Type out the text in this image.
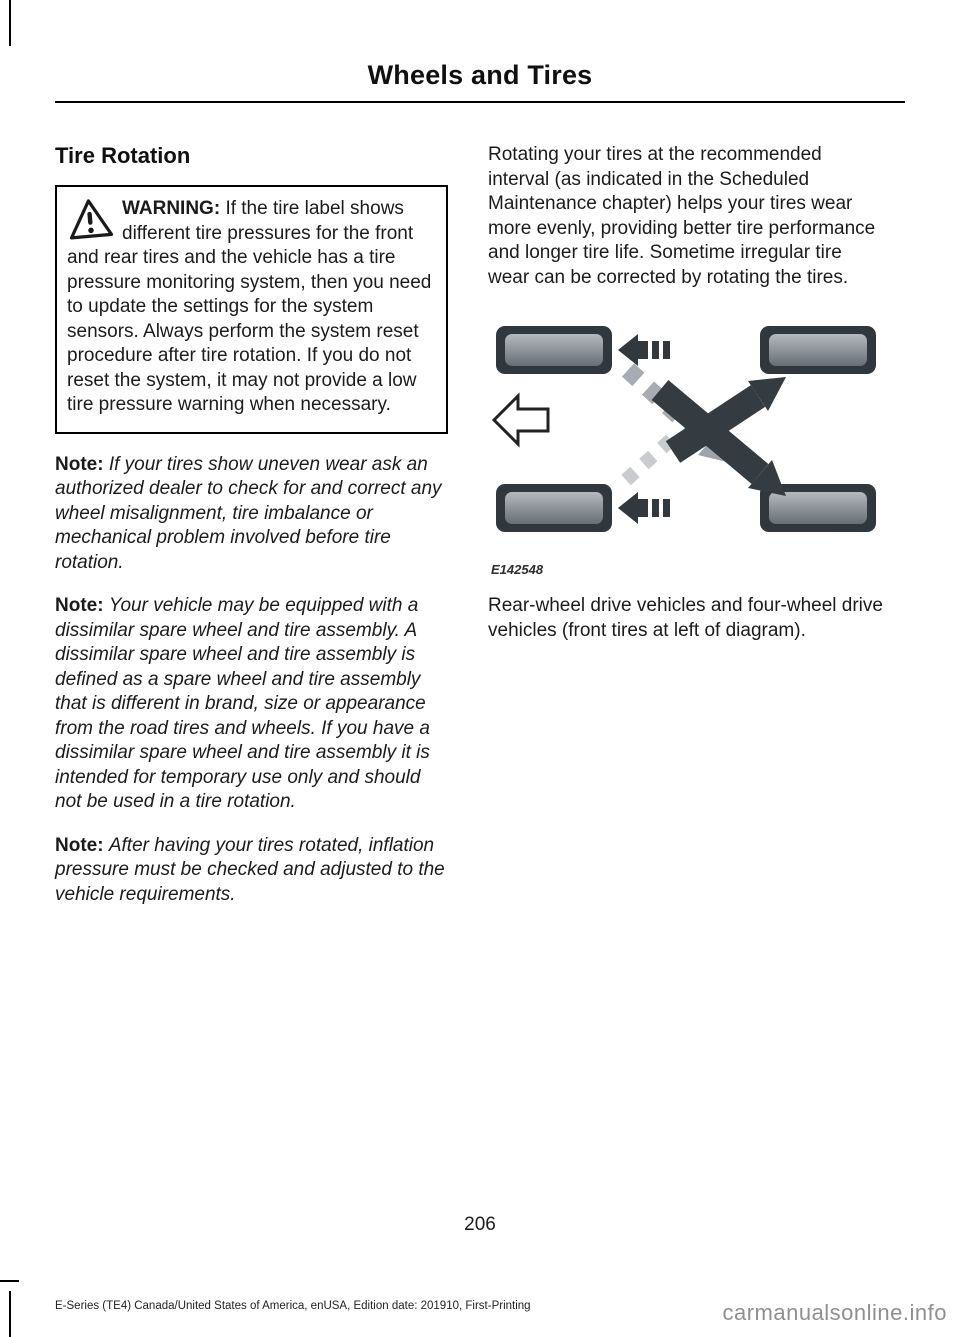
Wheels and Tires
Tire Rotation
WARNING: If the tire label shows different tire pressures for the front and rear tires and the vehicle has a tire pressure monitoring system, then you need to update the settings for the system sensors. Always perform the system reset procedure after tire rotation. If you do not reset the system, it may not provide a low tire pressure warning when necessary.

Note: If your tires show uneven wear ask an authorized dealer to check for and correct any wheel misalignment, tire imbalance or mechanical problem involved before tire rotation.

Note: Your vehicle may be equipped with a dissimilar spare wheel and tire assembly. A dissimilar spare wheel and tire assembly is defined as a spare wheel and tire assembly that is different in brand, size or appearance from the road tires and wheels. If you have a dissimilar spare wheel and tire assembly it is intended for temporary use only and should not be used in a tire rotation.

Note: After having your tires rotated, inflation pressure must be checked and adjusted to the vehicle requirements.

Rotating your tires at the recommended interval (as indicated in the Scheduled Maintenance chapter) helps your tires wear more evenly, providing better tire performance and longer tire life. Sometime irregular tire wear can be corrected by rotating the tires.

E142548

Rear-wheel drive vehicles and four-wheel drive vehicles (front tires at left of diagram).

206
E-Series (TE4) Canada/United States of America, enUSA, Edition date: 201910, First-Printing	carmanualsonline.info
